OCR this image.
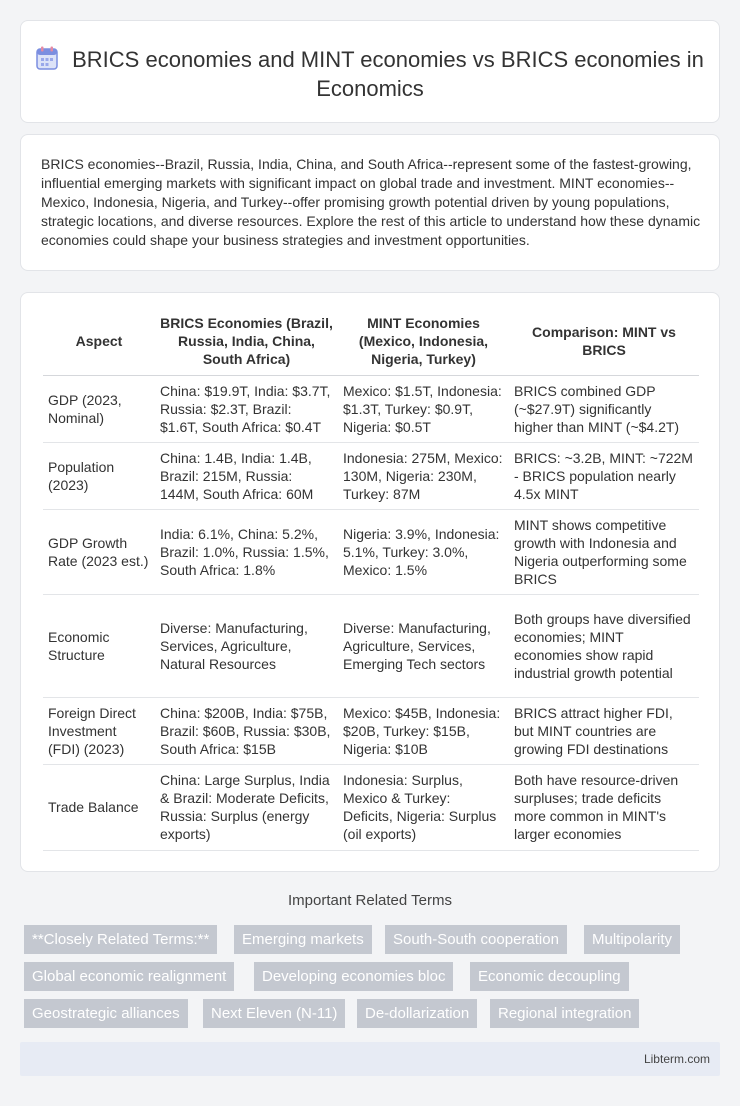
BRICS economies and MINT economies vs BRICS economies in Economics

BRICS economies--Brazil, Russia, India, China, and South Africa--represent some of the fastest-growing, influential emerging markets with significant impact on global trade and investment. MINT economies--Mexico, Indonesia, Nigeria, and Turkey--offer promising growth potential driven by young populations, strategic locations, and diverse resources. Explore the rest of this article to understand how these dynamic economies could shape your business strategies and investment opportunities.

Aspect	BRICS Economies (Brazil, Russia, India, China, South Africa)	MINT Economies (Mexico, Indonesia, Nigeria, Turkey)	Comparison: MINT vs BRICS
GDP (2023, Nominal)	China: $19.9T, India: $3.7T, Russia: $2.3T, Brazil: $1.6T, South Africa: $0.4T	Mexico: $1.5T, Indonesia: $1.3T, Turkey: $0.9T, Nigeria: $0.5T	BRICS combined GDP (~$27.9T) significantly higher than MINT (~$4.2T)
Population (2023)	China: 1.4B, India: 1.4B, Brazil: 215M, Russia: 144M, South Africa: 60M	Indonesia: 275M, Mexico: 130M, Nigeria: 230M, Turkey: 87M	BRICS: ~3.2B, MINT: ~722M - BRICS population nearly 4.5x MINT
GDP Growth Rate (2023 est.)	India: 6.1%, China: 5.2%, Brazil: 1.0%, Russia: 1.5%, South Africa: 1.8%	Nigeria: 3.9%, Indonesia: 5.1%, Turkey: 3.0%, Mexico: 1.5%	MINT shows competitive growth with Indonesia and Nigeria outperforming some BRICS
Economic Structure	Diverse: Manufacturing, Services, Agriculture, Natural Resources	Diverse: Manufacturing, Agriculture, Services, Emerging Tech sectors	Both groups have diversified economies; MINT economies show rapid industrial growth potential
Foreign Direct Investment (FDI) (2023)	China: $200B, India: $75B, Brazil: $60B, Russia: $30B, South Africa: $15B	Mexico: $45B, Indonesia: $20B, Turkey: $15B, Nigeria: $10B	BRICS attract higher FDI, but MINT countries are growing FDI destinations
Trade Balance	China: Large Surplus, India & Brazil: Moderate Deficits, Russia: Surplus (energy exports)	Indonesia: Surplus, Mexico & Turkey: Deficits, Nigeria: Surplus (oil exports)	Both have resource-driven surpluses; trade deficits more common in MINT's larger economies
Important Related Terms
**Closely Related Terms:**	Emerging markets	South-South cooperation	Multipolarity
Global economic realignment	Developing economies bloc	Economic decoupling
Geostrategic alliances	Next Eleven (N-11)	De-dollarization	Regional integration
Libterm.com
